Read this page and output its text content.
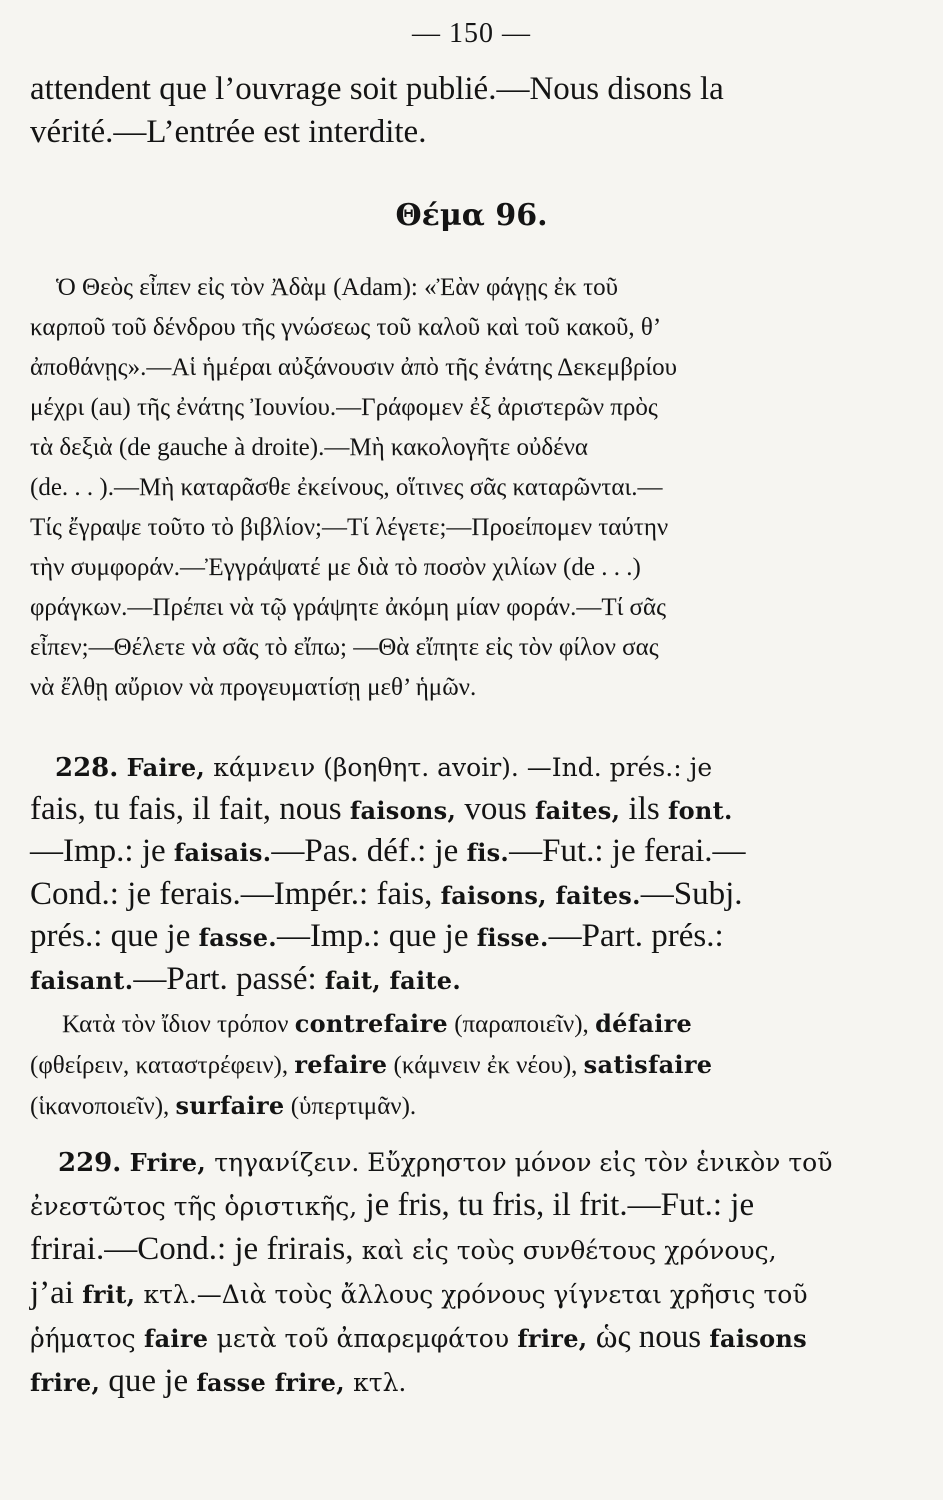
— 150 —
attendent que l’ouvrage soit publié.—Nous disons la
vérité.—L’entrée est interdite.
Θέμα 96.
Ὁ Θεὸς εἶπεν εἰς τὸν Ἀδὰμ (Adam): «Ἐὰν φάγῃς ἐκ τοῦ
καρποῦ τοῦ δένδρου τῆς γνώσεως τοῦ καλοῦ καὶ τοῦ κακοῦ, θ’
ἀποθάνῃς».—Αἱ ἡμέραι αὐξάνουσιν ἀπὸ τῆς ἐνάτης Δεκεμβρίου
μέχρι (au) τῆς ἐνάτης Ἰουνίου.—Γράφομεν ἐξ ἀριστερῶν πρὸς
τὰ δεξιὰ (de gauche à droite).—Μὴ κακολογῆτε οὐδένα
(de. . . ).—Μὴ καταρᾶσθε ἐκείνους, οἵτινες σᾶς καταρῶνται.—
Τίς ἔγραψε τοῦτο τὸ βιβλίον;—Τί λέγετε;—Προείπομεν ταύτην
τὴν συμφοράν.—Ἐγγράψατέ με διὰ τὸ ποσὸν χιλίων (de . . .)
φράγκων.—Πρέπει νὰ τῷ γράψητε ἀκόμη μίαν φοράν.—Τί σᾶς
εἶπεν;—Θέλετε νὰ σᾶς τὸ εἴπω; —Θὰ εἴπητε εἰς τὸν φίλον σας
νὰ ἔλθῃ αὔριον νὰ προγευματίσῃ μεθ’ ἡμῶν.
228. Faire, κάμνειν (βοηθητ. avoir). —Ind. prés.: je
fais, tu fais, il fait, nous faisons, vous faites, ils font.
—Imp.: je faisais.—Pas. déf.: je fis.—Fut.: je ferai.—
Cond.: je ferais.—Impér.: fais, faisons, faites.—Subj.
prés.: que je fasse.—Imp.: que je fisse.—Part. prés.:
faisant.—Part. passé: fait, faite.
Κατὰ τὸν ἴδιον τρόπον contrefaire (παραποιεῖν), défaire
(φθείρειν, καταστρέφειν), refaire (κάμνειν ἐκ νέου), satisfaire
(ἱκανοποιεῖν), surfaire (ὑπερτιμᾶν).
229. Frire, τηγανίζειν. Εὔχρηστον μόνον εἰς τὸν ἑνικὸν τοῦ
ἐνεστῶτος τῆς ὁριστικῆς, je fris, tu fris, il frit.—Fut.: je
frirai.—Cond.: je frirais, καὶ εἰς τοὺς συνθέτους χρόνους,
j’ai frit, κτλ.—Διὰ τοὺς ἄλλους χρόνους γίγνεται χρῆσις τοῦ
ῥήματος faire μετὰ τοῦ ἀπαρεμφάτου frire, ὡς nous faisons
frire, que je fasse frire, κτλ.
